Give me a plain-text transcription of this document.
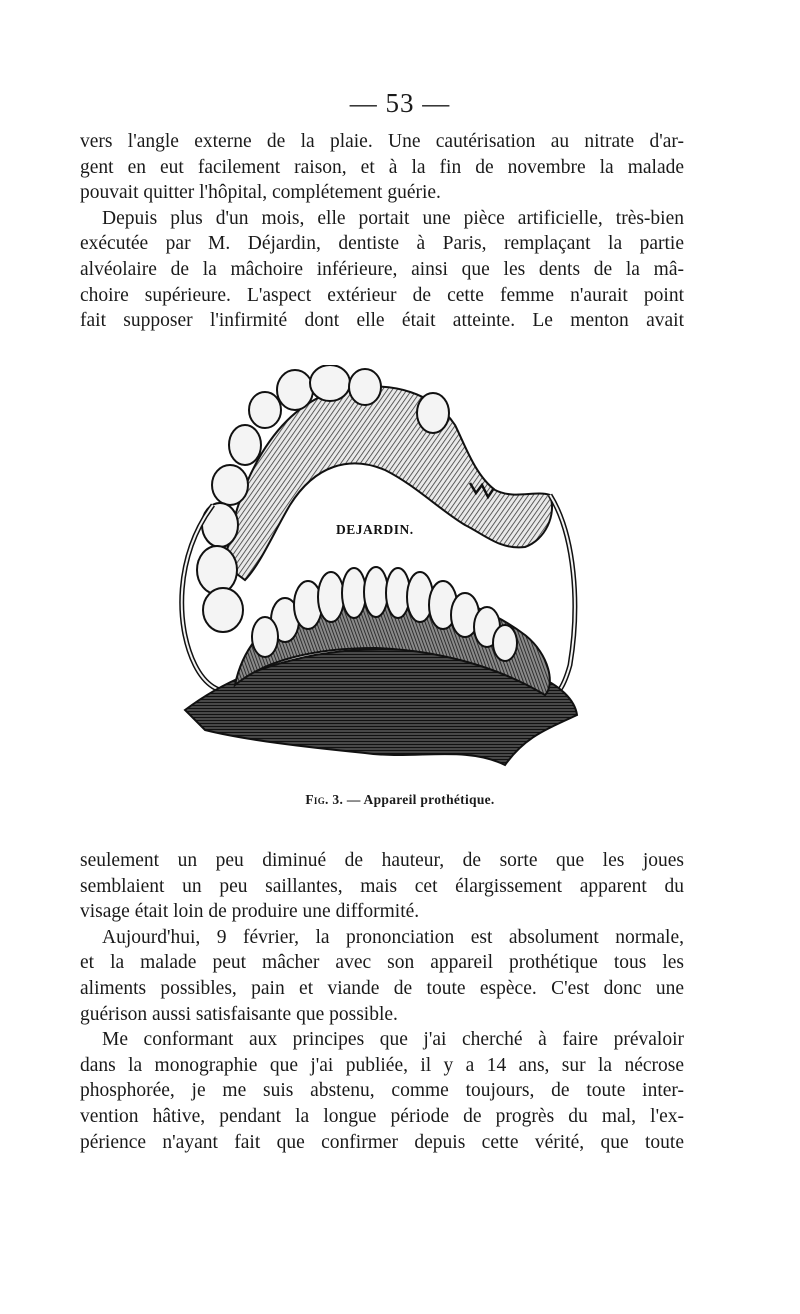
— 53 —

vers l'angle externe de la plaie. Une cautérisation au nitrate d'ar-
gent en eut facilement raison, et à la fin de novembre la malade
pouvait quitter l'hôpital, complétement guérie.

Depuis plus d'un mois, elle portait une pièce artificielle, très-bien
exécutée par M. Déjardin, dentiste à Paris, remplaçant la partie
alvéolaire de la mâchoire inférieure, ainsi que les dents de la mâ-
choire supérieure. L'aspect extérieur de cette femme n'aurait point
fait supposer l'infirmité dont elle était atteinte. Le menton avait

DEJARDIN.
Fig. 3. — Appareil prothétique.

seulement un peu diminué de hauteur, de sorte que les joues
semblaient un peu saillantes, mais cet élargissement apparent du
visage était loin de produire une difformité.

Aujourd'hui, 9 février, la prononciation est absolument normale,
et la malade peut mâcher avec son appareil prothétique tous les
aliments possibles, pain et viande de toute espèce. C'est donc une
guérison aussi satisfaisante que possible.

Me conformant aux principes que j'ai cherché à faire prévaloir
dans la monographie que j'ai publiée, il y a 14 ans, sur la nécrose
phosphorée, je me suis abstenu, comme toujours, de toute inter-
vention hâtive, pendant la longue période de progrès du mal, l'ex-
périence n'ayant fait que confirmer depuis cette vérité, que toute
